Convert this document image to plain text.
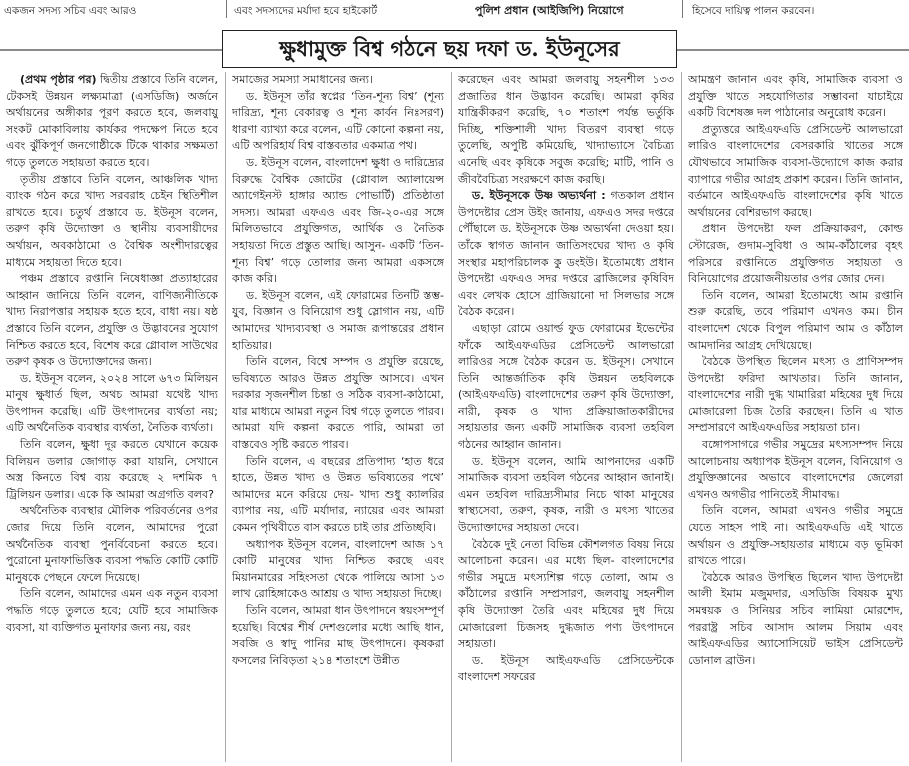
একজন সদস্য সচিব এবং আরও	এবং সদস্যদের মর্যাদা হবে হাইকোর্ট	পুলিশ প্রধান (আইজিপি) নিয়োগে	হিসেবে দায়িত্ব পালন করবেন।
ক্ষুধামুক্ত বিশ্ব গঠনে ছয় দফা ড. ইউনূসের

(প্রথম পৃষ্ঠার পর) দ্বিতীয় প্রস্তাবে তিনি বলেন, টেকসই উন্নয়ন লক্ষ্যমাত্রা (এসডিজি) অর্জনে অর্থায়নের অঙ্গীকার পূরণ করতে হবে, জলবায়ু সংকট মোকাবিলায় কার্যকর পদক্ষেপ নিতে হবে এবং ঝুঁকিপূর্ণ জনগোষ্ঠীকে টিকে থাকার সক্ষমতা গড়ে তুলতে সহায়তা করতে হবে।

তৃতীয় প্রস্তাবে তিনি বলেন, আঞ্চলিক খাদ্য ব্যাংক গঠন করে খাদ্য সরবরাহ চেইন স্থিতিশীল রাখতে হবে। চতুর্থ প্রস্তাবে ড. ইউনূস বলেন, তরুণ কৃষি উদ্যোক্তা ও স্থানীয় ব্যবসায়ীদের অর্থায়ন, অবকাঠামো ও বৈশ্বিক অংশীদারত্বের মাধ্যমে সহায়তা দিতে হবে।

পঞ্চম প্রস্তাবে রপ্তানি নিষেধাজ্ঞা প্রত্যাহারের আহ্বান জানিয়ে তিনি বলেন, বাণিজ্যনীতিকে খাদ্য নিরাপত্তার সহায়ক হতে হবে, বাধা নয়। ষষ্ঠ প্রস্তাবে তিনি বলেন, প্রযুক্তি ও উদ্ভাবনের সুযোগ নিশ্চিত করতে হবে, বিশেষ করে গ্লোবাল সাউথের তরুণ কৃষক ও উদ্যোক্তাদের জন্য।

ড. ইউনূস বলেন, ২০২৪ সালে ৬৭৩ মিলিয়ন মানুষ ক্ষুধার্ত ছিল, অথচ আমরা যথেষ্ট খাদ্য উৎপাদন করেছি। এটি উৎপাদনের ব্যর্থতা নয়; এটি অর্থনৈতিক ব্যবস্থার ব্যর্থতা, নৈতিক ব্যর্থতা।

তিনি বলেন, ক্ষুধা দূর করতে যেখানে কয়েক বিলিয়ন ডলার জোগাড় করা যায়নি, সেখানে অস্ত্র কিনতে বিশ্ব ব্যয় করেছে ২ দশমিক ৭ ট্রিলিয়ন ডলার। একে কি আমরা অগ্রগতি বলব?

অর্থনৈতিক ব্যবস্থার মৌলিক পরিবর্তনের ওপর জোর দিয়ে তিনি বলেন, আমাদের পুরো অর্থনৈতিক ব্যবস্থা পুনর্বিবেচনা করতে হবে। পুরোনো মুনাফাভিত্তিক ব্যবসা পদ্ধতি কোটি কোটি মানুষকে পেছনে ফেলে দিয়েছে।

তিনি বলেন, আমাদের এমন এক নতুন ব্যবসা পদ্ধতি গড়ে তুলতে হবে; যেটি হবে সামাজিক ব্যবসা, যা ব্যক্তিগত মুনাফার জন্য নয়, বরং

সমাজের সমস্যা সমাধানের জন্য।

ড. ইউনূস তাঁর স্বপ্নের ‘তিন-শূন্য বিশ্ব’ (শূন্য দারিদ্র্য, শূন্য বেকারত্ব ও শূন্য কার্বন নিঃসরণ) ধারণা ব্যাখ্যা করে বলেন, এটি কোনো কল্পনা নয়, এটি অপরিহার্য বিশ্ব বাস্তবতার একমাত্র পথ।

ড. ইউনূস বলেন, বাংলাদেশ ক্ষুধা ও দারিদ্র্যের বিরুদ্ধে বৈশ্বিক জোটের (গ্লোবাল অ্যালায়েন্স অ্যাগেইনস্ট হাঙ্গার অ্যান্ড পোভার্টি) প্রতিষ্ঠাতা সদস্য। আমরা এফএও এবং জি-২০-এর সঙ্গে মিলিতভাবে প্রযুক্তিগত, আর্থিক ও নৈতিক সহায়তা দিতে প্রস্তুত আছি। আসুন- একটি ‘তিন-শূন্য বিশ্ব’ গড়ে তোলার জন্য আমরা একসঙ্গে কাজ করি।

ড. ইউনূস বলেন, এই ফোরামের তিনটি স্তম্ভ- যুব, বিজ্ঞান ও বিনিয়োগ শুধু স্লোগান নয়, এটি আমাদের খাদ্যব্যবস্থা ও সমাজ রূপান্তরের প্রধান হাতিয়ার।

তিনি বলেন, বিশ্বে সম্পদ ও প্রযুক্তি রয়েছে, ভবিষ্যতে আরও উন্নত প্রযুক্তি আসবে। এখন দরকার সৃজনশীল চিন্তা ও সঠিক ব্যবসা-কাঠামো, যার মাধ্যমে আমরা নতুন বিশ্ব গড়ে তুলতে পারব। আমরা যদি কল্পনা করতে পারি, আমরা তা বাস্তবেও সৃষ্টি করতে পারব।

তিনি বলেন, এ বছরের প্রতিপাদ্য ‘হাত ধরে হাতে, উন্নত খাদ্য ও উন্নত ভবিষ্যতের পথে’ আমাদের মনে করিয়ে দেয়- খাদ্য শুধু ক্যালরির ব্যাপার নয়, এটি মর্যাদার, ন্যায়ের এবং আমরা কেমন পৃথিবীতে বাস করতে চাই তার প্রতিচ্ছবি।

অধ্যাপক ইউনূস বলেন, বাংলাদেশ আজ ১৭ কোটি মানুষের খাদ্য নিশ্চিত করছে এবং মিয়ানমারের সহিংসতা থেকে পালিয়ে আসা ১৩ লাখ রোহিঙ্গাকেও আশ্রয় ও খাদ্য সহায়তা দিচ্ছে।

তিনি বলেন, আমরা ধান উৎপাদনে স্বয়ংসম্পূর্ণ হয়েছি। বিশ্বের শীর্ষ দেশগুলোর মধ্যে আছি ধান, সবজি ও স্বাদু পানির মাছ উৎপাদনে। কৃষকরা ফসলের নিবিড়তা ২১৪ শতাংশে উন্নীত

করেছেন এবং আমরা জলবায়ু সহনশীল ১৩৩ প্রজাতির ধান উদ্ভাবন করেছি। আমরা কৃষির যান্ত্রিকীকরণ করেছি, ৭০ শতাংশ পর্যন্ত ভর্তুকি দিচ্ছি, শক্তিশালী খাদ্য বিতরণ ব্যবস্থা গড়ে তুলেছি, অপুষ্টি কমিয়েছি, খাদ্যাভ্যাসে বৈচিত্র্য এনেছি এবং কৃষিকে সবুজ করেছি; মাটি, পানি ও জীববৈচিত্র্য সংরক্ষণে কাজ করছি।

ড. ইউনূসকে উষ্ণ অভ্যর্থনা : গতকাল প্রধান উপদেষ্টার প্রেস উইং জানায়, এফএও সদর দপ্তরে পৌঁছালে ড. ইউনূসকে উষ্ণ অভ্যর্থনা দেওয়া হয়। তাঁকে স্বাগত জানান জাতিসংঘের খাদ্য ও কৃষি সংস্থার মহাপরিচালক কু ডংইউ। ইতোমধ্যে প্রধান উপদেষ্টা এফএও সদর দপ্তরে ব্রাজিলের কৃষিবিদ এবং লেখক হোসে গ্রাজিয়ানো দা সিলভার সঙ্গে বৈঠক করেন।

এছাড়া রোমে ওয়ার্ল্ড ফুড ফোরামের ইভেন্টের ফাঁকে আইএফএডির প্রেসিডেন্ট আলভারো লারিওর সঙ্গে বৈঠক করেন ড. ইউনূস। সেখানে তিনি আন্তর্জাতিক কৃষি উন্নয়ন তহবিলকে (আইএফএডি) বাংলাদেশের তরুণ কৃষি উদ্যোক্তা, নারী, কৃষক ও খাদ্য প্রক্রিয়াজাতকারীদের সহায়তার জন্য একটি সামাজিক ব্যবসা তহবিল গঠনের আহ্বান জানান।

ড. ইউনূস বলেন, আমি আপনাদের একটি সামাজিক ব্যবসা তহবিল গঠনের আহ্বান জানাই। এমন তহবিল দারিদ্র্যসীমার নিচে থাকা মানুষের স্বাস্থ্যসেবা, তরুণ, কৃষক, নারী ও মৎস্য খাতের উদ্যোক্তাদের সহায়তা দেবে।

বৈঠকে দুই নেতা বিভিন্ন কৌশলগত বিষয় নিয়ে আলোচনা করেন। এর মধ্যে ছিল- বাংলাদেশের গভীর সমুদ্রে মৎস্যশিল্প গড়ে তোলা, আম ও কাঁঠালের রপ্তানি সম্প্রসারণ, জলবায়ু সহনশীল কৃষি উদ্যোক্তা তৈরি এবং মহিষের দুধ দিয়ে মোজারেলা চিজসহ দুগ্ধজাত পণ্য উৎপাদনে সহায়তা।

ড. ইউনূস আইএফএডি প্রেসিডেন্টকে বাংলাদেশ সফরের

আমন্ত্রণ জানান এবং কৃষি, সামাজিক ব্যবসা ও প্রযুক্তি খাতে সহযোগিতার সম্ভাবনা যাচাইয়ে একটি বিশেষজ্ঞ দল পাঠানোর অনুরোধ করেন।

প্রত্যুত্তরে আইএফএডি প্রেসিডেন্ট আলভারো লারিও বাংলাদেশের বেসরকারি খাতের সঙ্গে যৌথভাবে সামাজিক ব্যবসা-উদ্যোগে কাজ করার ব্যাপারে গভীর আগ্রহ প্রকাশ করেন। তিনি জানান, বর্তমানে আইএফএডি বাংলাদেশের কৃষি খাতে অর্থায়নের বেশিরভাগ করছে।

প্রধান উপদেষ্টা ফল প্রক্রিয়াকরণ, কোল্ড স্টোরেজ, গুদাম-সুবিধা ও আম-কাঁঠালের বৃহৎ পরিসরে রপ্তানিতে প্রযুক্তিগত সহায়তা ও বিনিয়োগের প্রয়োজনীয়তার ওপর জোর দেন।

তিনি বলেন, আমরা ইতোমধ্যে আম রপ্তানি শুরু করেছি, তবে পরিমাণ এখনও কম। চীন বাংলাদেশ থেকে বিপুল পরিমাণ আম ও কাঁঠাল আমদানির আগ্রহ দেখিয়েছে।

বৈঠকে উপস্থিত ছিলেন মৎস্য ও প্রাণিসম্পদ উপদেষ্টা ফরিদা আখতার। তিনি জানান, বাংলাদেশের নারী দুগ্ধ খামারিরা মহিষের দুধ দিয়ে মোজারেলা চিজ তৈরি করছেন। তিনি এ খাত সম্প্রসারণে আইএফএডির সহায়তা চান।

বঙ্গোপসাগরে গভীর সমুদ্রের মৎস্যসম্পদ নিয়ে আলোচনায় অধ্যাপক ইউনূস বলেন, বিনিয়োগ ও প্রযুক্তিজ্ঞানের অভাবে বাংলাদেশের জেলেরা এখনও অগভীর পানিতেই সীমাবদ্ধ।

তিনি বলেন, আমরা এখনও গভীর সমুদ্রে যেতে সাহস পাই না। আইএফএডি এই খাতে অর্থায়ন ও প্রযুক্তি-সহায়তার মাধ্যমে বড় ভূমিকা রাখতে পারে।

বৈঠকে আরও উপস্থিত ছিলেন খাদ্য উপদেষ্টা আলী ইমাম মজুমদার, এসডিজি বিষয়ক মুখ্য সমন্বয়ক ও সিনিয়র সচিব লামিয়া মোরশেদ, পররাষ্ট্র সচিব আসাদ আলম সিয়াম এবং আইএফএডির অ্যাসোসিয়েট ভাইস প্রেসিডেন্ট ডোনাল ব্রাউন।
